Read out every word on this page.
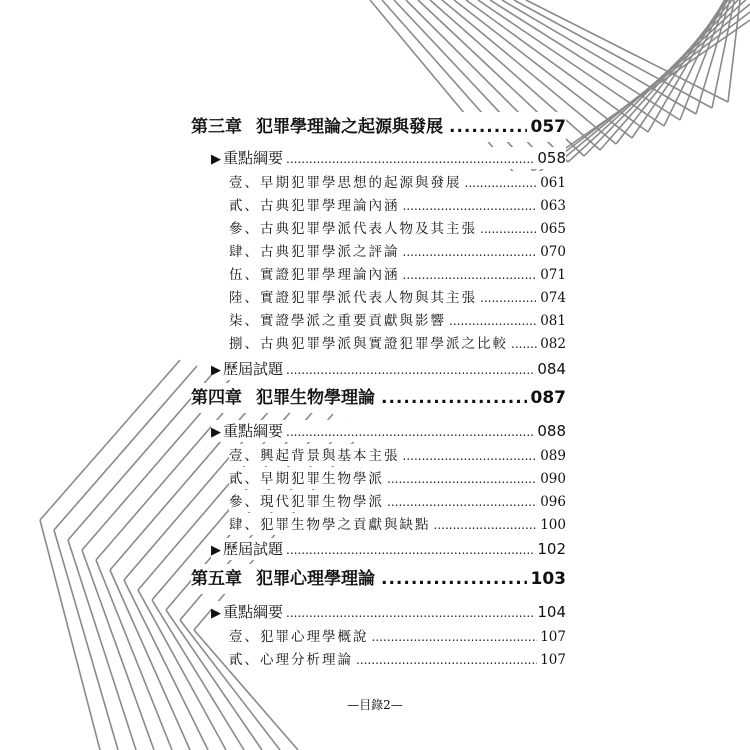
第三章 犯罪學理論之起源與發展 .....	057
▶ 重點綱要 .....	058
壹、早期犯罪學思想的起源與發展 .....	061
貳、古典犯罪學理論內涵 .....	063
參、古典犯罪學派代表人物及其主張 .....	065
肆、古典犯罪學派之評論 .....	070
伍、實證犯罪學理論內涵 .....	071
陸、實證犯罪學派代表人物與其主張 .....	074
柒、實證學派之重要貢獻與影響 .....	081
捌、古典犯罪學派與實證犯罪學派之比較 ..... 082
▶ 歷屆試題 .....	084
第四章 犯罪生物學理論 .....	087
▶ 重點綱要 .....	088
壹、興起背景與基本主張 .....	089
貳、早期犯罪生物學派 .....	090
參、現代犯罪生物學派 .....	096
肆、犯罪生物學之貢獻與缺點 .....	100
▶ 歷屆試題 .....	102
第五章 犯罪心理學理論 .....	103
▶ 重點綱要 .....	104
壹、犯罪心理學概說 .....	107
貳、心理分析理論 .....	107
—目錄2—
